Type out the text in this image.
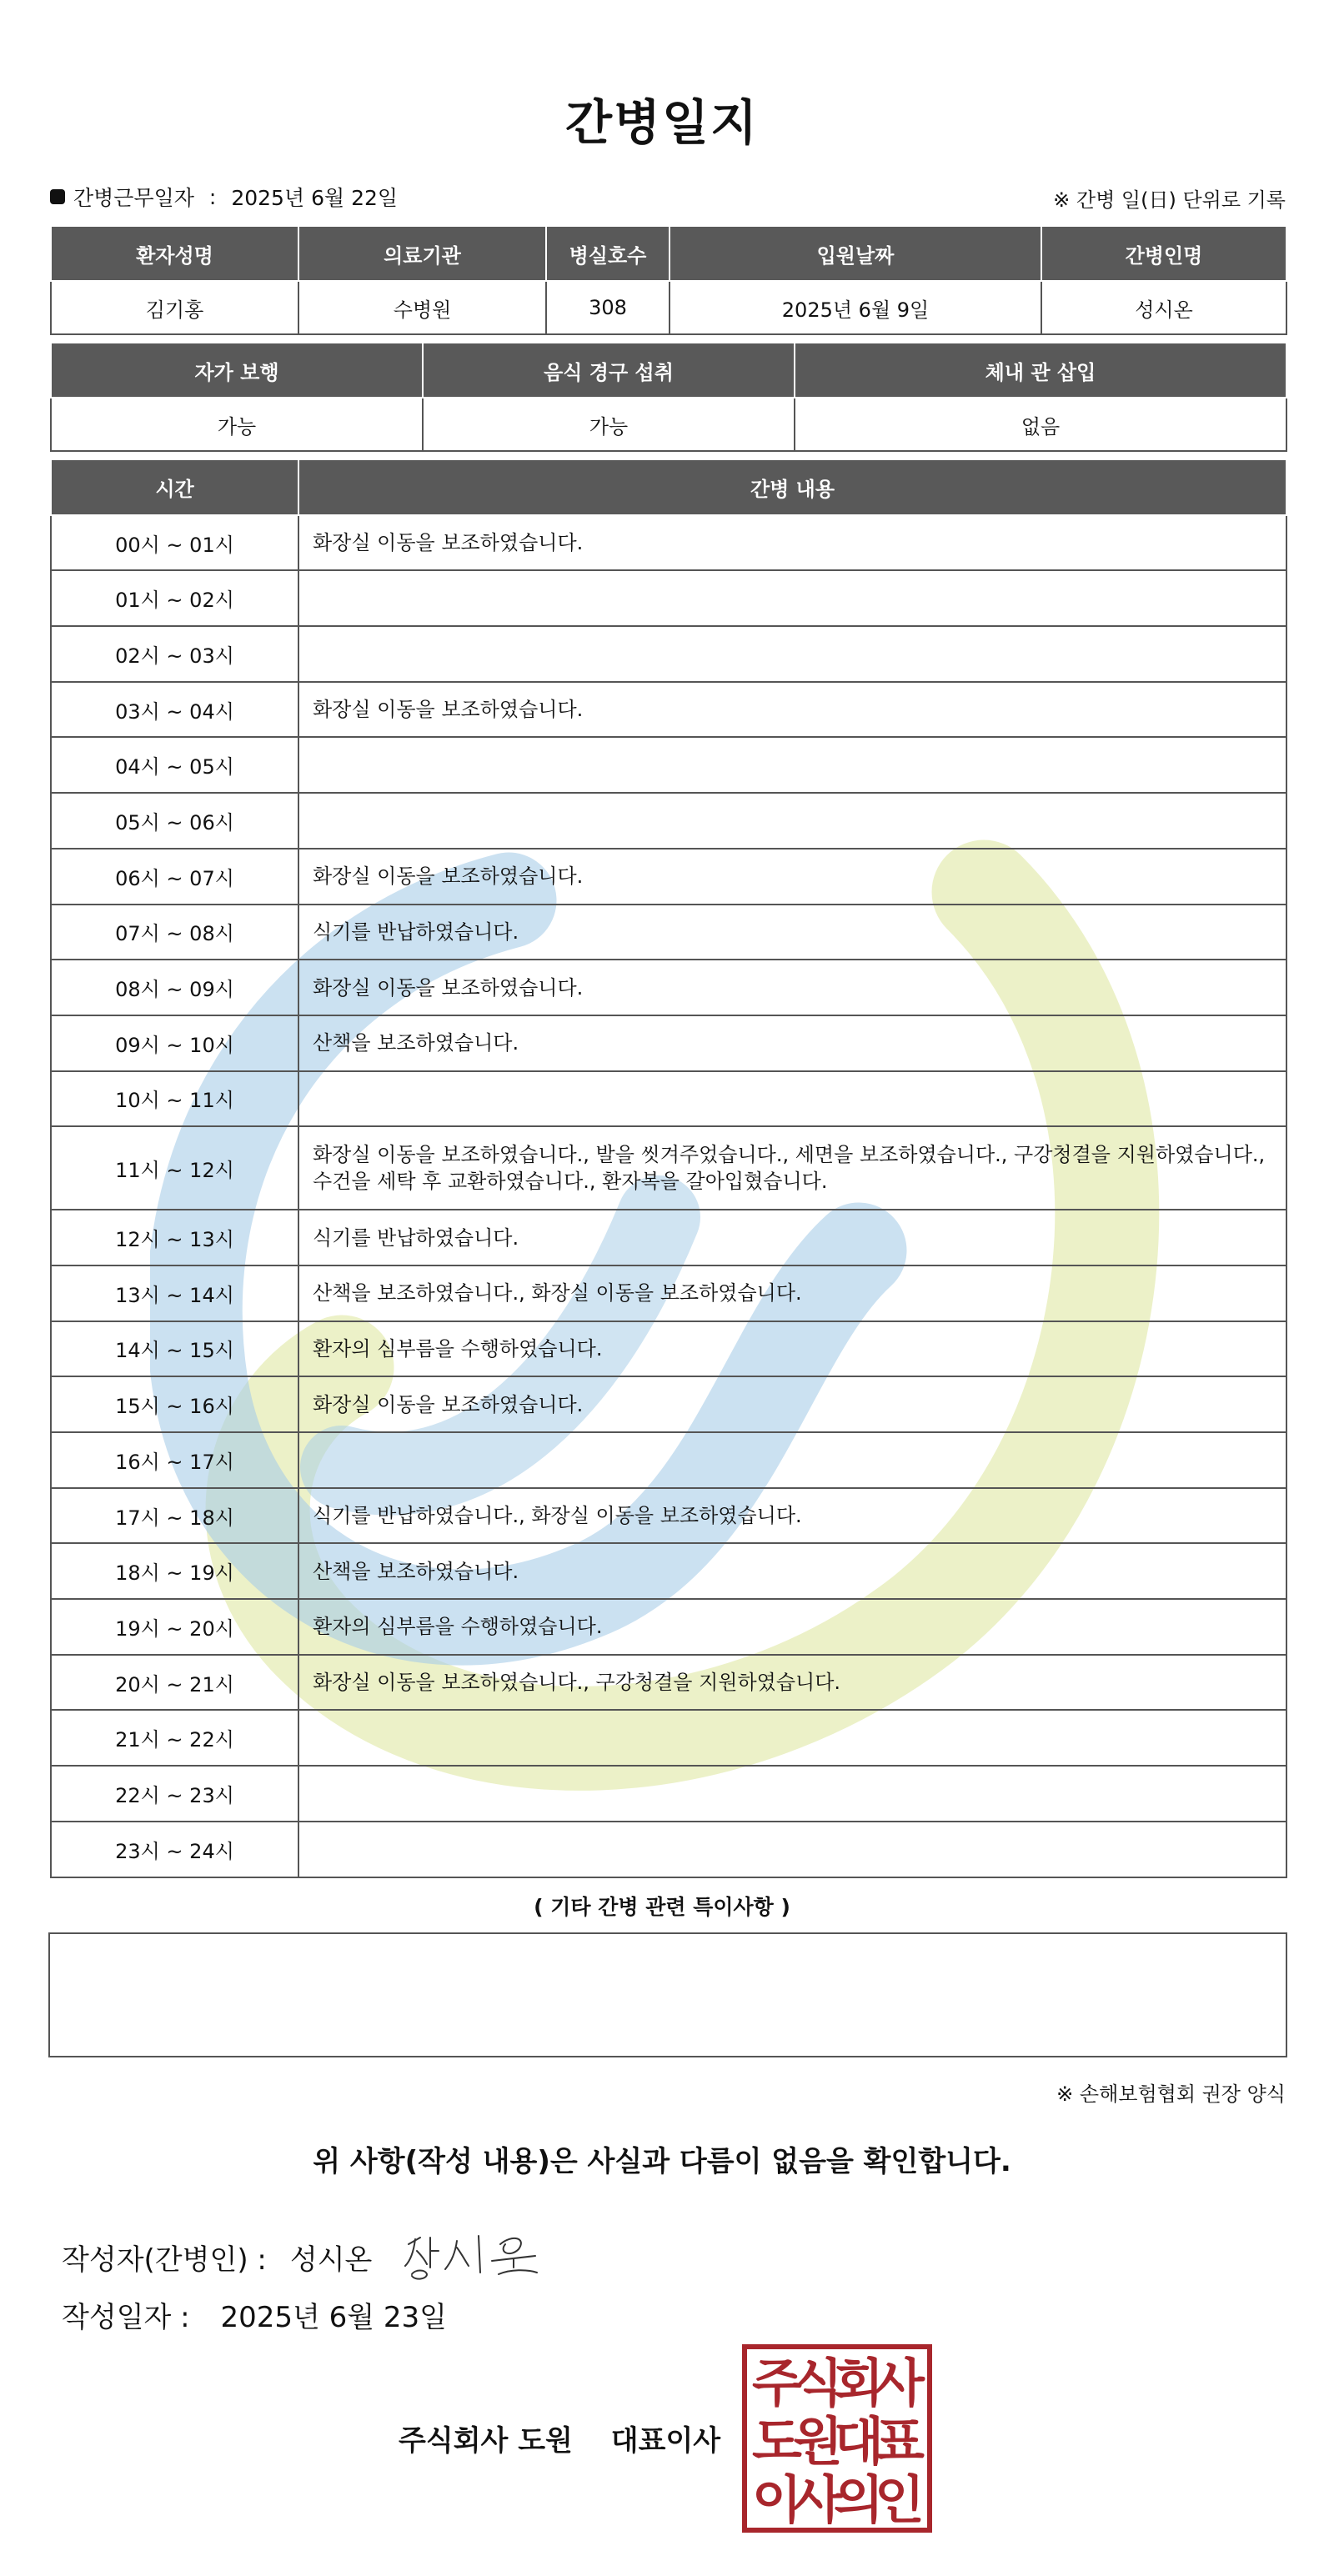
간병일지
간병근무일자 : 2025년 6월 22일	※ 간병 일(日) 단위로 기록
환자성명	의료기관	병실호수	입원날짜	간병인명
김기홍	수병원	308	2025년 6월 9일	성시온
자가 보행	음식 경구 섭취	체내 관 삽입
가능	가능	없음
시간	간병 내용
00시 ~ 01시	화장실 이동을 보조하였습니다.
01시 ~ 02시	
02시 ~ 03시	
03시 ~ 04시	화장실 이동을 보조하였습니다.
04시 ~ 05시	
05시 ~ 06시	
06시 ~ 07시	화장실 이동을 보조하였습니다.
07시 ~ 08시	식기를 반납하였습니다.
08시 ~ 09시	화장실 이동을 보조하였습니다.
09시 ~ 10시	산책을 보조하였습니다.
10시 ~ 11시	
11시 ~ 12시	화장실 이동을 보조하였습니다., 발을 씻겨주었습니다., 세면을 보조하였습니다., 구강청결을 지원하였습니다., 수건을 세탁 후 교환하였습니다., 환자복을 갈아입혔습니다.
12시 ~ 13시	식기를 반납하였습니다.
13시 ~ 14시	산책을 보조하였습니다., 화장실 이동을 보조하였습니다.
14시 ~ 15시	환자의 심부름을 수행하였습니다.
15시 ~ 16시	화장실 이동을 보조하였습니다.
16시 ~ 17시	
17시 ~ 18시	식기를 반납하였습니다., 화장실 이동을 보조하였습니다.
18시 ~ 19시	산책을 보조하였습니다.
19시 ~ 20시	환자의 심부름을 수행하였습니다.
20시 ~ 21시	화장실 이동을 보조하였습니다., 구강청결을 지원하였습니다.
21시 ~ 22시	
22시 ~ 23시	
23시 ~ 24시	
( 기타 간병 관련 특이사항 )
※ 손해보험협회 권장 양식
위 사항(작성 내용)은 사실과 다름이 없음을 확인합니다.
작성자(간병인) : 성시온
작성일자 : 2025년 6월 23일
주식회사 도원 대표이사
주
식
회
사
도
원
대
표
이
사
의
인
